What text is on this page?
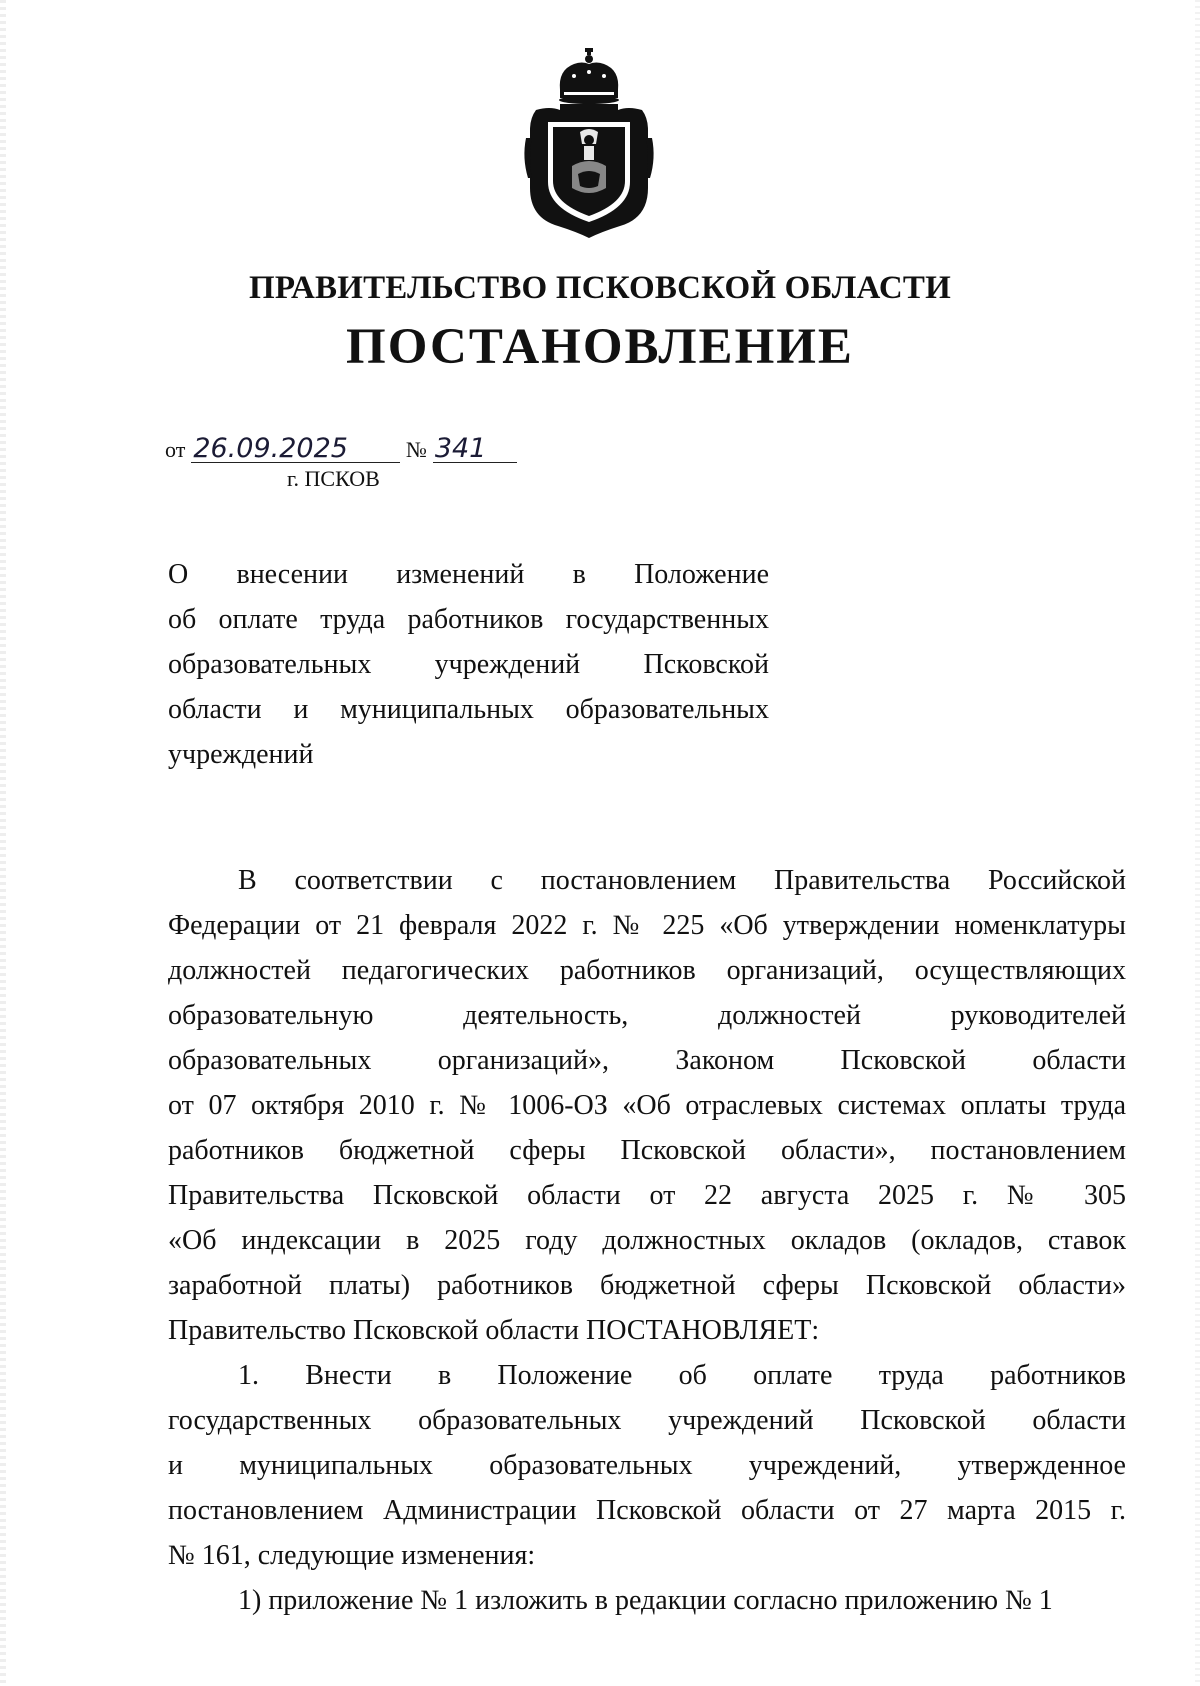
ПРАВИТЕЛЬСТВО ПСКОВСКОЙ ОБЛАСТИ
ПОСТАНОВЛЕНИЕ
от 26.09.2025	№ 341
г. ПСКОВ
О внесении изменений в Положение
об оплате труда работников государственных
образовательных учреждений Псковской
области и муниципальных образовательных
учреждений
В соответствии с постановлением Правительства Российской
Федерации от 21 февраля 2022 г. № 225 «Об утверждении номенклатуры
должностей педагогических работников организаций, осуществляющих
образовательную деятельность, должностей руководителей
образовательных организаций», Законом Псковской области
от 07 октября 2010 г. № 1006-ОЗ «Об отраслевых системах оплаты труда
работников бюджетной сферы Псковской области», постановлением
Правительства Псковской области от 22 августа 2025 г. № 305
«Об индексации в 2025 году должностных окладов (окладов, ставок
заработной платы) работников бюджетной сферы Псковской области»
Правительство Псковской области ПОСТАНОВЛЯЕТ:
1. Внести в Положение об оплате труда работников
государственных образовательных учреждений Псковской области
и муниципальных образовательных учреждений, утвержденное
постановлением Администрации Псковской области от 27 марта 2015 г.
№ 161, следующие изменения:
1) приложение № 1 изложить в редакции согласно приложению № 1
